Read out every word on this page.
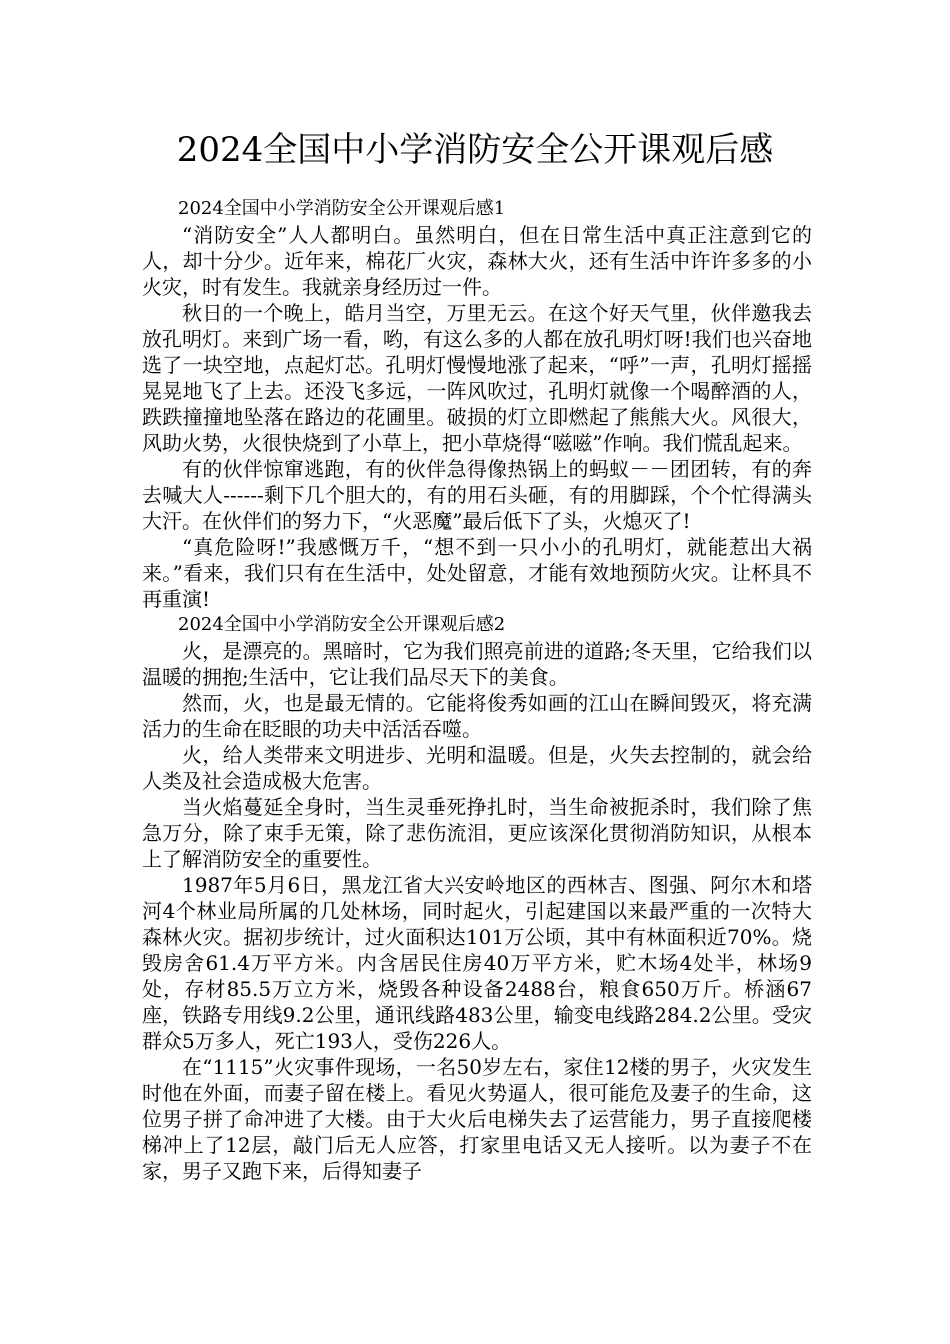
2024全国中小学消防安全公开课观后感

2024全国中小学消防安全公开课观后感1

“消防安全”人人都明白。虽然明白，但在日常生活中真正注意到它的人，却十分少。近年来，棉花厂火灾，森林大火，还有生活中许许多多的小火灾，时有发生。我就亲身经历过一件。

秋日的一个晚上，皓月当空，万里无云。在这个好天气里，伙伴邀我去放孔明灯。来到广场一看，哟，有这么多的人都在放孔明灯呀!我们也兴奋地选了一块空地，点起灯芯。孔明灯慢慢地涨了起来，“呼”一声，孔明灯摇摇晃晃地飞了上去。还没飞多远，一阵风吹过，孔明灯就像一个喝醉酒的人，跌跌撞撞地坠落在路边的花圃里。破损的灯立即燃起了熊熊大火。风很大，风助火势，火很快烧到了小草上，把小草烧得“嗞嗞”作响。我们慌乱起来。

有的伙伴惊窜逃跑，有的伙伴急得像热锅上的蚂蚁－－团团转，有的奔去喊大人------剩下几个胆大的，有的用石头砸，有的用脚踩，个个忙得满头大汗。在伙伴们的努力下，“火恶魔”最后低下了头，火熄灭了!

“真危险呀!”我感慨万千，“想不到一只小小的孔明灯，就能惹出大祸来。”看来，我们只有在生活中，处处留意，才能有效地预防火灾。让杯具不再重演!

2024全国中小学消防安全公开课观后感2

火，是漂亮的。黑暗时，它为我们照亮前进的道路;冬天里，它给我们以温暖的拥抱;生活中，它让我们品尽天下的美食。

然而，火，也是最无情的。它能将俊秀如画的江山在瞬间毁灭，将充满活力的生命在眨眼的功夫中活活吞噬。

火，给人类带来文明进步、光明和温暖。但是，火失去控制的，就会给人类及社会造成极大危害。

当火焰蔓延全身时，当生灵垂死挣扎时，当生命被扼杀时，我们除了焦急万分，除了束手无策，除了悲伤流泪，更应该深化贯彻消防知识，从根本上了解消防安全的重要性。

1987年5月6日，黑龙江省大兴安岭地区的西林吉、图强、阿尔木和塔河4个林业局所属的几处林场，同时起火，引起建国以来最严重的一次特大森林火灾。据初步统计，过火面积达101万公顷，其中有林面积近70%。烧毁房舍61.4万平方米。内含居民住房40万平方米，贮木场4处半，林场9处，存材85.5万立方米，烧毁各种设备2488台，粮食650万斤。桥涵67座，铁路专用线9.2公里，通讯线路483公里，输变电线路284.2公里。受灾群众5万多人，死亡193人，受伤226人。

在“1115”火灾事件现场，一名50岁左右，家住12楼的男子，火灾发生时他在外面，而妻子留在楼上。看见火势逼人，很可能危及妻子的生命，这位男子拼了命冲进了大楼。由于大火后电梯失去了运营能力，男子直接爬楼梯冲上了12层，敲门后无人应答，打家里电话又无人接听。以为妻子不在家，男子又跑下来，后得知妻子
